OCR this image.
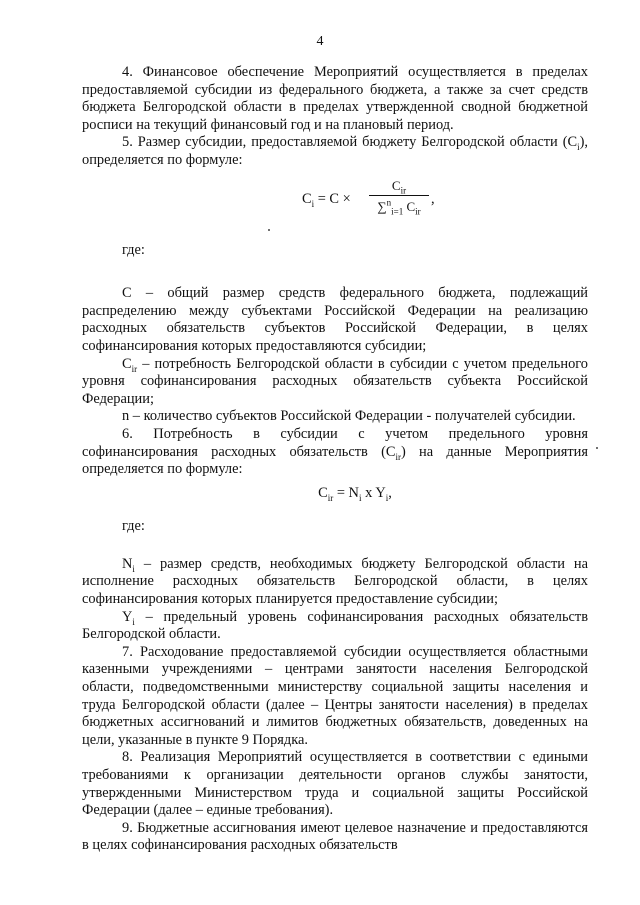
4

4. Финансовое обеспечение Мероприятий осуществляется в пределах предоставляемой субсидии из федерального бюджета, а также за счет средств бюджета Белгородской области в пределах утвержденной сводной бюджетной росписи на текущий финансовый год и на плановый период.

5. Размер субсидии, предоставляемой бюджету Белгородской области $(C_i)$, определяется по формуле:

$C_i = C$ ×
$C_{ir}$
∑$^n_{i=1}$ $C_{ir}$
,

где:

C – общий размер средств федерального бюджета, подлежащий распределению между субъектами Российской Федерации на реализацию расходных обязательств субъектов Российской Федерации, в целях софинансирования которых предоставляются субсидии;

$C_{ir}$ – потребность Белгородской области в субсидии с учетом предельного уровня софинансирования расходных обязательств субъекта Российской Федерации;

n – количество субъектов Российской Федерации - получателей субсидии.

6. Потребность в субсидии с учетом предельного уровня софинансирования расходных обязательств $(C_{ir})$ на данные Мероприятия определяется по формуле:

$C_{ir} = N_i$ x $Y_i$,

где:

$N_i$ – размер средств, необходимых бюджету Белгородской области на исполнение расходных обязательств Белгородской области, в целях софинансирования которых планируется предоставление субсидии;

$Y_i$ – предельный уровень софинансирования расходных обязательств Белгородской области.

7. Расходование предоставляемой субсидии осуществляется областными казенными учреждениями – центрами занятости населения Белгородской области, подведомственными министерству социальной защиты населения и труда Белгородской области (далее – Центры занятости населения) в пределах бюджетных ассигнований и лимитов бюджетных обязательств, доведенных на цели, указанные в пункте 9 Порядка.

8. Реализация Мероприятий осуществляется в соответствии с едиными требованиями к организации деятельности органов службы занятости, утвержденными Министерством труда и социальной защиты Российской Федерации (далее – единые требования).

9. Бюджетные ассигнования имеют целевое назначение и предоставляются в целях софинансирования расходных обязательств
